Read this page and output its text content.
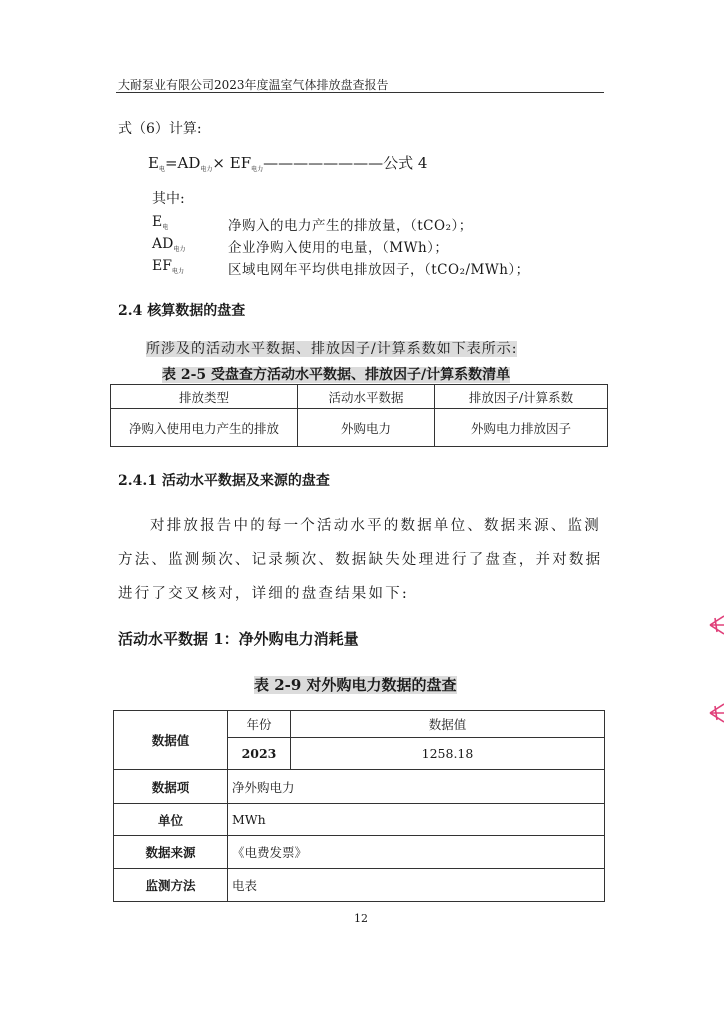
大耐泵业有限公司2023年度温室气体排放盘查报告
式（6）计算:
$E_电=AD_{电力}\times$ $EF_{电力}————————$公式 4
其中:
$E_电$	净购入的电力产生的排放量，（tCO₂）；
$AD_{电力}$	企业净购入使用的电量，（MWh）；
$EF_{电力}$	区域电网年平均供电排放因子，（tCO₂/MWh）；
2.4 核算数据的盘查
所涉及的活动水平数据、排放因子/计算系数如下表所示:
表 2-5 受盘查方活动水平数据、排放因子/计算系数清单
排放类型	活动水平数据	排放因子/计算系数
净购入使用电力产生的排放	外购电力	外购电力排放因子
2.4.1 活动水平数据及来源的盘查
对排放报告中的每一个活动水平的数据单位、数据来源、监测
方法、监测频次、记录频次、数据缺失处理进行了盘查，并对数据
进行了交叉核对，详细的盘查结果如下:
活动水平数据 1：净外购电力消耗量
表 2-9 对外购电力数据的盘查
数据值	年份	数据值
	2023	1258.18
数据项	净外购电力	
单位	MWh	
数据来源	《电费发票》	
监测方法	电表	
12
